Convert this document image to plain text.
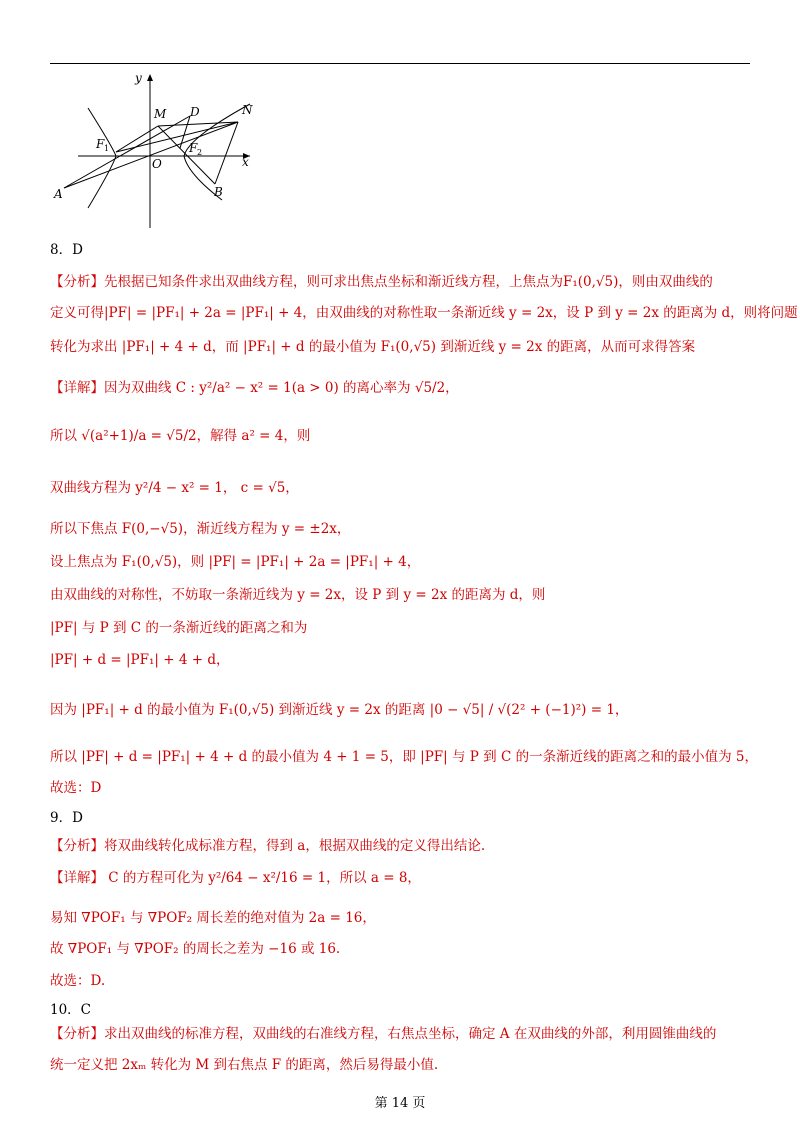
y
x
M D	N
F 1
O
F 2
A	B
8．D
【分析】先根据已知条件求出双曲线方程，则可求出焦点坐标和渐近线方程，上焦点为F₁(0,√5)，则由双曲线的
定义可得|PF| = |PF₁| + 2a = |PF₁| + 4，由双曲线的对称性取一条渐近线 y = 2x，设 P 到 y = 2x 的距离为 d，则将问题
转化为求出 |PF₁| + 4 + d，而 |PF₁| + d 的最小值为 F₁(0,√5) 到渐近线 y = 2x 的距离，从而可求得答案
【详解】因为双曲线 C : y²/a² − x² = 1(a > 0) 的离心率为 √5/2，
所以 √(a²+1)/a = √5/2，解得 a² = 4，则
双曲线方程为 y²/4 − x² = 1， c = √5，
所以下焦点 F(0,−√5)，渐近线方程为 y = ±2x，
设上焦点为 F₁(0,√5)，则 |PF| = |PF₁| + 2a = |PF₁| + 4，
由双曲线的对称性，不妨取一条渐近线为 y = 2x，设 P 到 y = 2x 的距离为 d，则
|PF| 与 P 到 C 的一条渐近线的距离之和为
|PF| + d = |PF₁| + 4 + d，
因为 |PF₁| + d 的最小值为 F₁(0,√5) 到渐近线 y = 2x 的距离 |0 − √5| / √(2² + (−1)²) = 1，
所以 |PF| + d = |PF₁| + 4 + d 的最小值为 4 + 1 = 5，即 |PF| 与 P 到 C 的一条渐近线的距离之和的最小值为 5，
故选：D
9．D
【分析】将双曲线转化成标准方程，得到 a，根据双曲线的定义得出结论.
【详解】 C 的方程可化为 y²/64 − x²/16 = 1，所以 a = 8，
易知 ∇POF₁ 与 ∇POF₂ 周长差的绝对值为 2a = 16，
故 ∇POF₁ 与 ∇POF₂ 的周长之差为 −16 或 16.
故选：D.
10．C
【分析】求出双曲线的标准方程，双曲线的右准线方程，右焦点坐标，确定 A 在双曲线的外部，利用圆锥曲线的
统一定义把 2xₘ 转化为 M 到右焦点 F 的距离，然后易得最小值.
第 14 页
